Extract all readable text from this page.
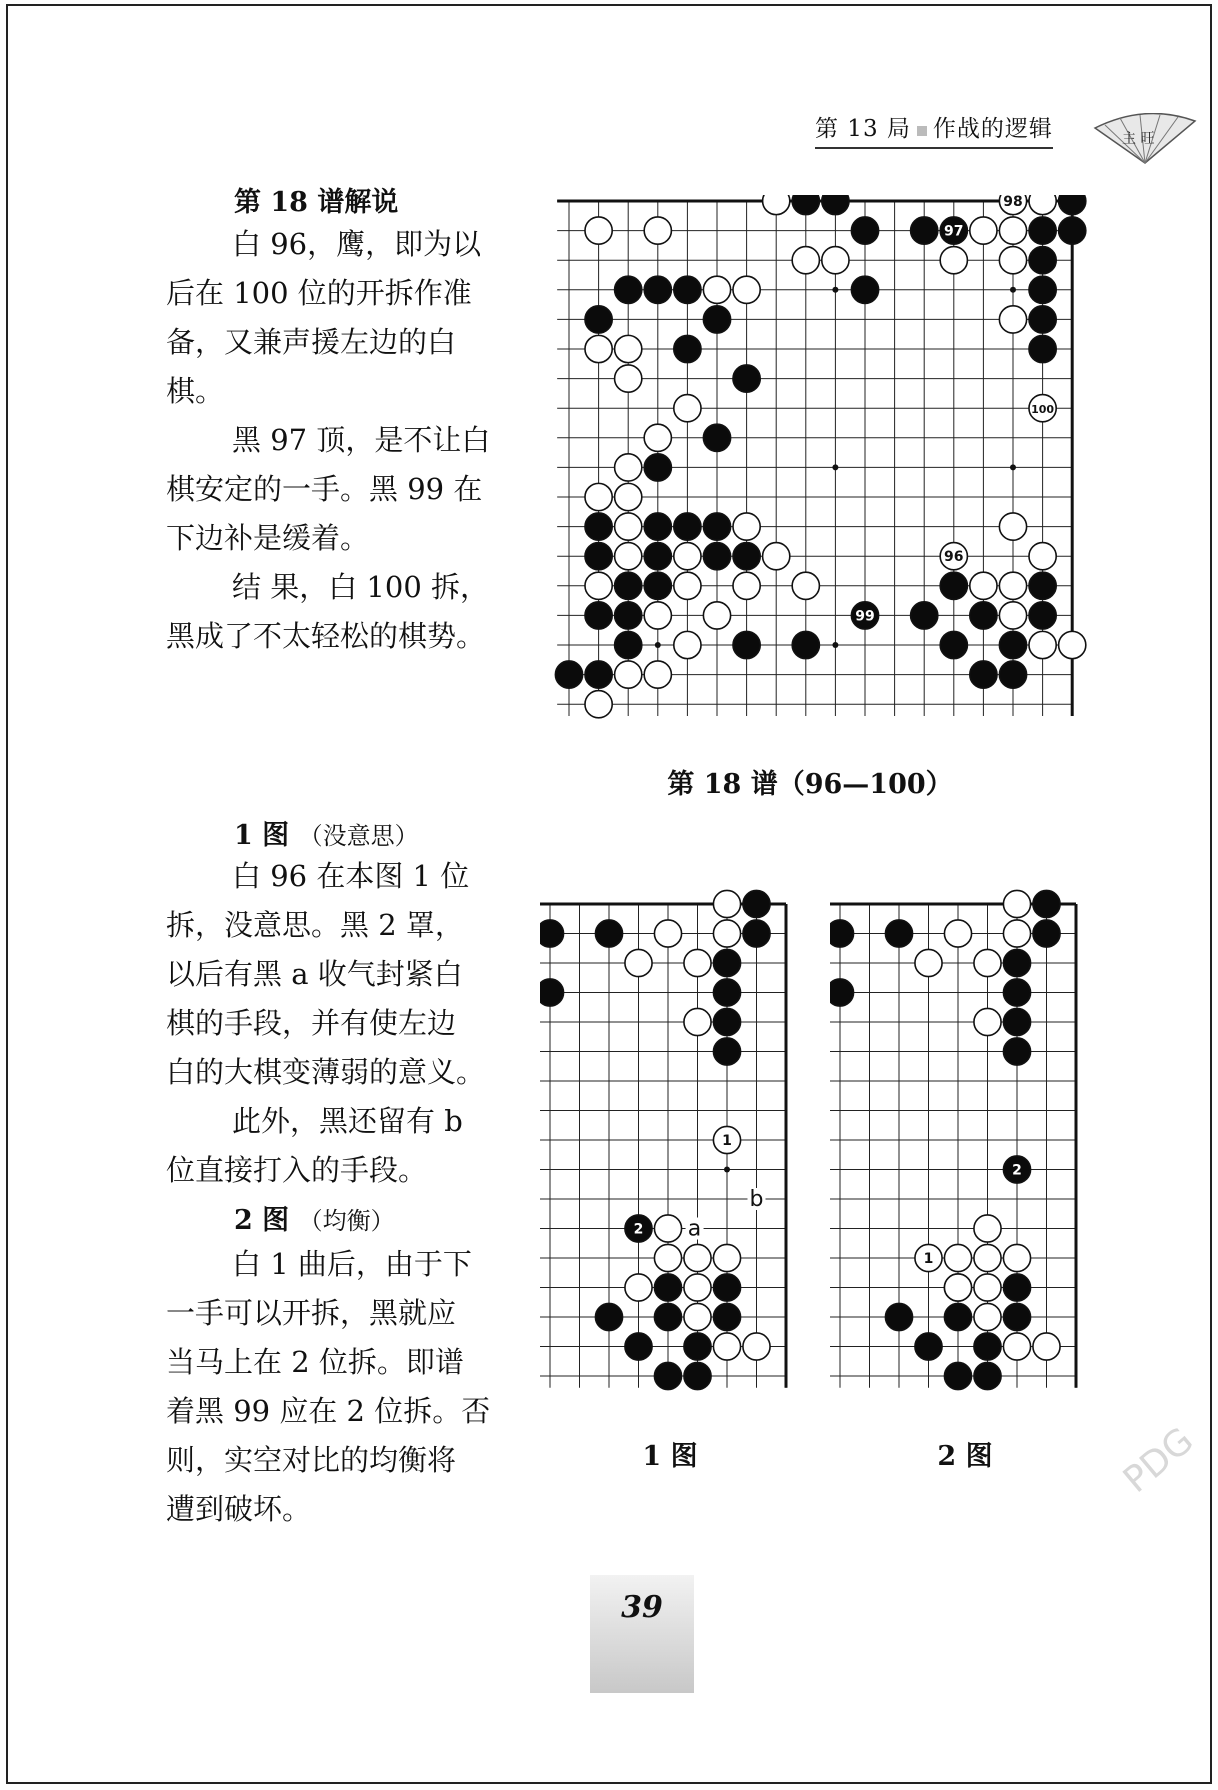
第 13 局 作战的逻辑	主 旺
第 18 谱解说
白 96，鹰，即为以
后在 100 位的开拆作准
备，又兼声援左边的白
棋。
黑 97 顶，是不让白
棋安定的一手。黑 99 在
下边补是缓着。
结 果，白 100 拆，
黑成了不太轻松的棋势。
98
97
100
96
99
第 18 谱（96—100）
1 图 （没意思）
白 96 在本图 1 位
拆，没意思。黑 2 罩，
以后有黑 a 收气封紧白
棋的手段，并有使左边
白的大棋变薄弱的意义。
此外，黑还留有 b
位直接打入的手段。
2 图 （均衡）
白 1 曲后，由于下
一手可以开拆，黑就应
当马上在 2 位拆。即谱
着黑 99 应在 2 位拆。否
则，实空对比的均衡将
遭到破坏。
1
2 a
b
2
1
1 图	2 图
39
PDG
